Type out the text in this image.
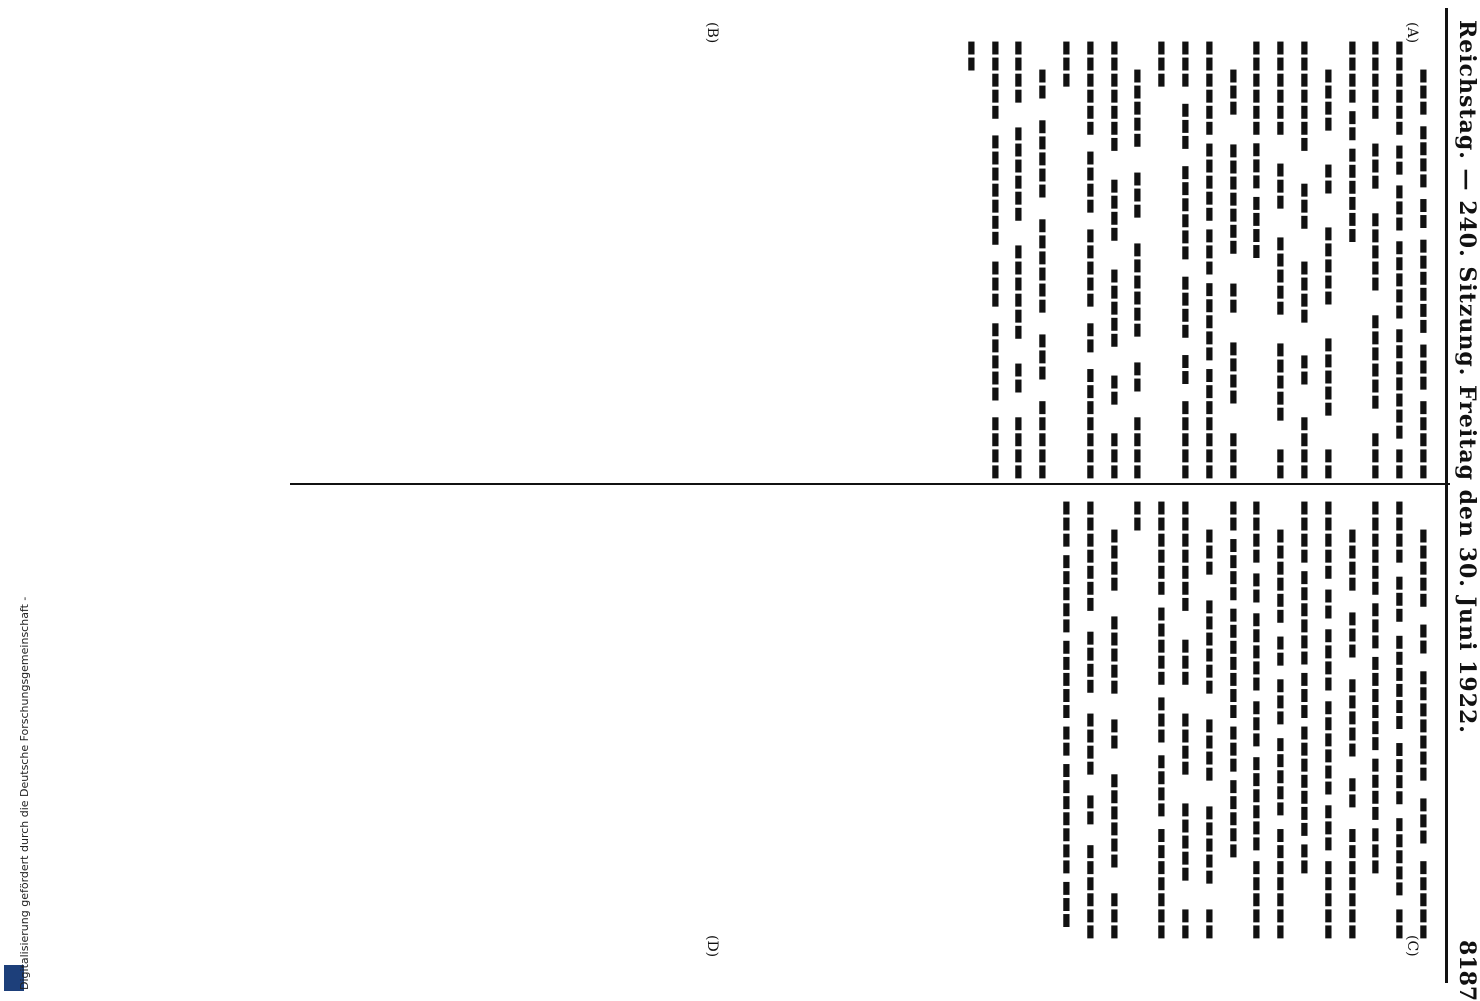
Reichstag. — 240. Sitzung. Freitag den 30. Juni 1922.
8187

▬▬▬ ▬▬▬▬ ▬▬ ▬▬▬▬▬▬ ▬▬▬ ▬▬▬▬▬ ▬▬▬▬▬▬ ▬▬ ▬▬▬ ▬▬▬▬▬ ▬▬▬▬▬▬▬ ▬▬ ▬▬▬▬▬ ▬▬▬ ▬▬▬▬▬ ▬▬▬▬▬▬ ▬▬▬ ▬▬▬▬ ▬▬ ▬▬▬▬▬▬

▬▬▬▬ ▬▬ ▬▬▬▬▬ ▬▬▬▬▬ ▬▬ ▬▬▬▬▬▬▬ ▬▬▬ ▬▬▬▬ ▬▬ ▬▬▬▬ ▬▬▬▬▬▬ ▬▬▬ ▬▬▬▬▬ ▬▬▬▬▬ ▬▬ ▬▬▬▬▬▬ ▬▬▬ ▬▬▬▬

▬▬▬ ▬▬▬▬▬▬▬ ▬▬ ▬▬▬▬ ▬▬▬ ▬▬▬▬▬▬ ▬▬▬▬▬ ▬▬▬ ▬▬▬▬▬ ▬▬▬▬▬▬▬ ▬▬▬ ▬▬▬ ▬▬▬▬▬▬ ▬▬▬▬ ▬▬ ▬▬▬▬▬ ▬▬▬

▬▬▬▬▬ ▬▬▬ ▬▬▬▬▬▬ ▬▬ ▬▬▬▬ ▬▬▬▬▬▬▬ ▬▬▬▬ ▬▬▬▬▬ ▬▬ ▬▬▬ ▬▬▬▬▬▬ ▬▬▬▬ ▬▬▬▬▬ ▬▬ ▬▬▬▬▬▬▬ ▬▬▬

▬▬ ▬▬▬▬▬ ▬▬▬▬▬▬ ▬▬▬ ▬▬▬▬▬ ▬▬▬▬ ▬▬▬▬▬▬ ▬▬▬▬▬▬ ▬▬ ▬▬▬▬ ▬▬▬▬▬ ▬▬▬▬▬▬▬ ▬▬▬ ▬▬▬▬▬ ▬▬▬▬ ▬▬

▬▬▬▬▬ ▬▬ ▬▬▬▬▬▬▬ ▬▬▬ ▬▬▬▬▬ ▬▬▬▬ ▬▬▬ ▬▬▬▬▬▬ ▬▬▬▬ ▬▬▬▬▬ ▬▬ ▬▬▬▬▬▬ ▬▬▬ ▬▬▬▬▬▬ ▬▬▬▬ ▬▬▬

▬▬▬▬ ▬▬▬ ▬▬▬▬▬ ▬▬ ▬▬▬▬▬▬▬ ▬▬▬▬▬ ▬▬ ▬▬▬▬ ▬▬▬▬▬▬ ▬▬▬ ▬▬▬▬▬ ▬▬▬▬ ▬▬▬▬▬▬ ▬▬▬ ▬▬▬▬▬▬▬ ▬▬

▬▬▬▬▬▬ ▬▬ ▬▬▬ ▬▬▬▬▬ ▬▬▬▬▬▬▬ ▬▬▬▬ ▬▬ ▬▬▬▬▬ ▬▬▬ ▬▬▬▬▬▬ ▬▬▬▬▬ ▬▬ ▬▬▬▬ ▬▬▬▬▬▬▬ ▬▬▬ ▬▬▬▬▬

▬▬▬ ▬▬▬▬▬▬ ▬▬▬▬ ▬▬▬▬▬ ▬▬ ▬▬▬▬▬▬▬ ▬▬▬ ▬▬▬▬ ▬▬▬▬▬ ▬▬ ▬▬▬▬▬▬ ▬▬▬▬▬ ▬▬▬ ▬▬▬▬ ▬▬▬▬▬▬▬ ▬▬

▬▬▬▬ ▬▬▬▬▬ ▬▬ ▬▬▬▬▬▬ ▬▬▬ ▬▬▬▬▬▬▬ ▬▬▬▬ ▬▬▬▬ ▬▬ ▬▬▬▬▬▬ ▬▬▬ ▬▬▬▬▬ ▬▬▬▬▬ ▬▬ ▬▬▬▬▬▬▬ ▬▬▬

(A)
(B)
(C)
(D)
Digitalisierung gefördert durch die Deutsche Forschungsgemeinschaft -
